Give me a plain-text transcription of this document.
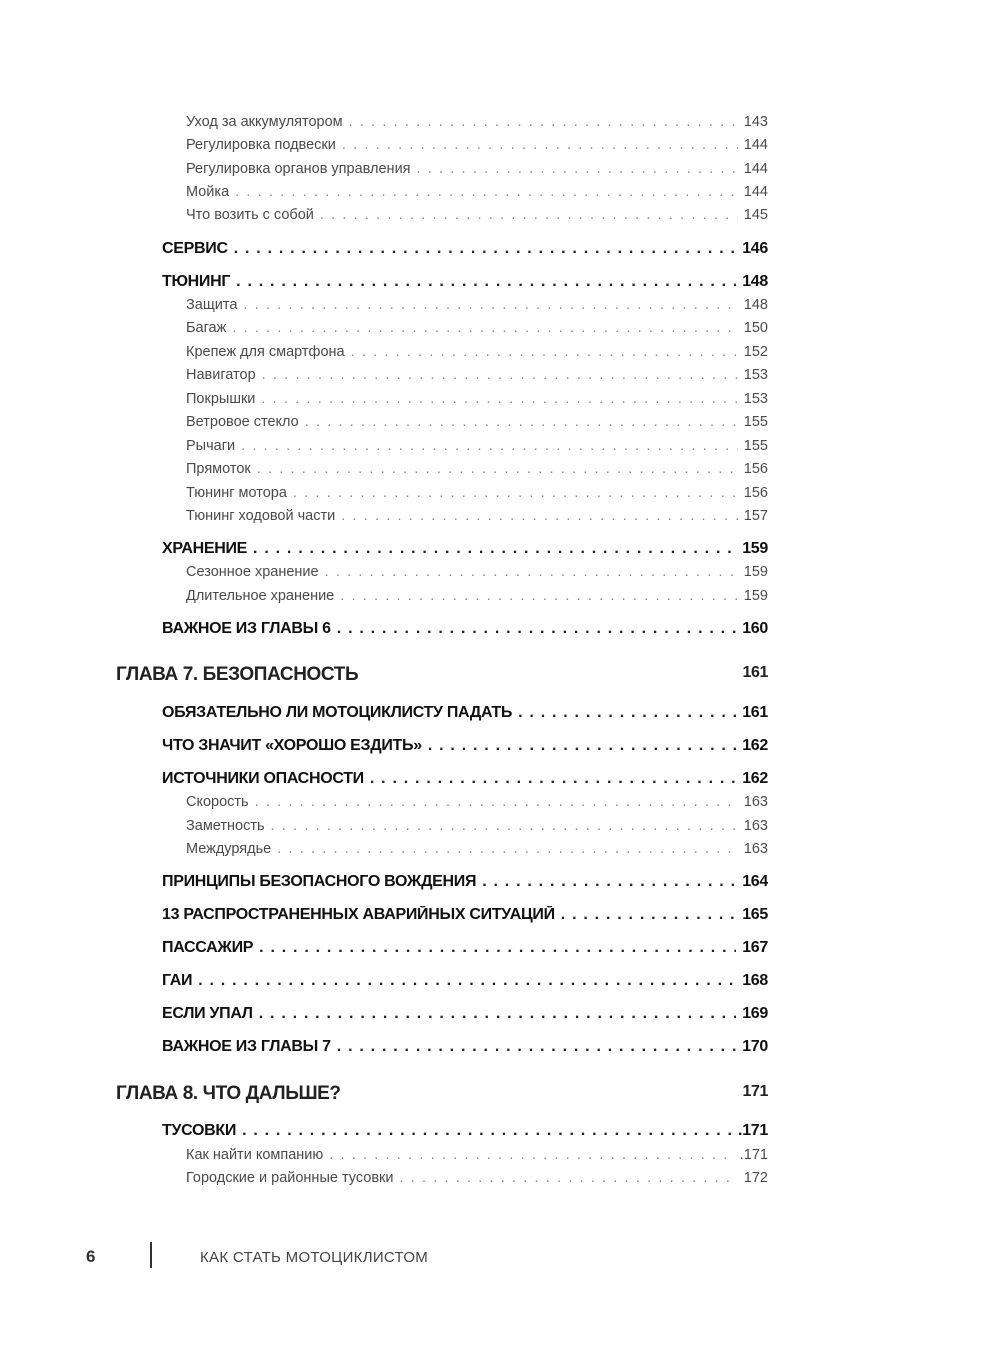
Уход за аккумулятором . . .	143
Регулировка подвески . . .	144
Регулировка органов управления . . .	144
Мойка . . .	144
Что возить с собой . . .	145
СЕРВИС . . .	146
ТЮНИНГ . . .	148
Защита . . .	148
Багаж . . .	150
Крепеж для смартфона . . .	152
Навигатор . . .	153
Покрышки . . .	153
Ветровое стекло . . .	155
Рычаги . . .	155
Прямоток . . .	156
Тюнинг мотора . . .	156
Тюнинг ходовой части . . .	157
ХРАНЕНИЕ . . .	159
Сезонное хранение . . .	159
Длительное хранение . . .	159
ВАЖНОЕ ИЗ ГЛАВЫ 6 . . .	160
ГЛАВА 7. БЕЗОПАСНОСТЬ	161
ОБЯЗАТЕЛЬНО ЛИ МОТОЦИКЛИСТУ ПАДАТЬ . . .	161
ЧТО ЗНАЧИТ «ХОРОШО ЕЗДИТЬ» . . .	162
ИСТОЧНИКИ ОПАСНОСТИ . . .	162
Скорость . . .	163
Заметность . . .	163
Междурядье . . .	163
ПРИНЦИПЫ БЕЗОПАСНОГО ВОЖДЕНИЯ . . .	164
13 РАСПРОСТРАНЕННЫХ АВАРИЙНЫХ СИТУАЦИЙ . . .	165
ПАССАЖИР . . .	167
ГАИ . . .	168
ЕСЛИ УПАЛ . . .	169
ВАЖНОЕ ИЗ ГЛАВЫ 7 . . .	170
ГЛАВА 8. ЧТО ДАЛЬШЕ?	171
ТУСОВКИ . . .	.171
Как найти компанию . . .	.171
Городские и районные тусовки . . .	172
6	КАК СТАТЬ МОТОЦИКЛИСТОМ
